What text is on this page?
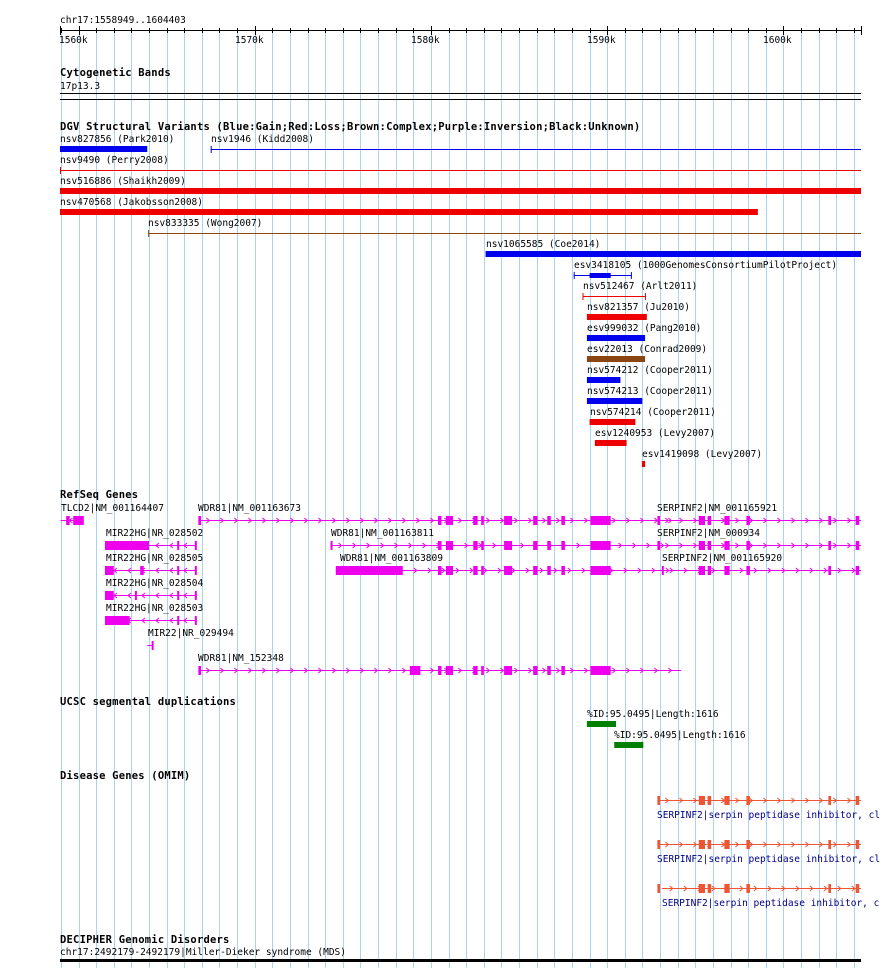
chr17:1558949..1604403
Cytogenetic Bands
17p13.3
DGV Structural Variants (Blue:Gain;Red:Loss;Brown:Complex;Purple:Inversion;Black:Unknown)
RefSeq Genes
UCSC segmental duplications
Disease Genes (OMIM)
DECIPHER Genomic Disorders
chr17:2492179-2492179|Miller-Dieker syndrome (MDS)
1560k	1570k	1580k	1590k	1600k
nsv827856 (Park2010)	nsv1946 (Kidd2008)
nsv9490 (Perry2008)
nsv516886 (Shaikh2009)
nsv470568 (Jakobsson2008)
nsv833335 (Wong2007)
nsv1065585 (Coe2014)
esv3418105 (1000GenomesConsortiumPilotProject)
nsv512467 (Arlt2011)
nsv821357 (Ju2010)
esv999032 (Pang2010)
esv22013 (Conrad2009)
nsv574212 (Cooper2011)
nsv574213 (Cooper2011)
nsv574214 (Cooper2011)
esv1240953 (Levy2007)
esv1419098 (Levy2007)
TLCD2|NM_001164407	WDR81|NM_001163673	SERPINF2|NM_001165921
MIR22HG|NR_028502	WDR81|NM_001163811	SERPINF2|NM_000934
MIR22HG|NR_028505	WDR81|NM_001163809	SERPINF2|NM_001165920
MIR22HG|NR_028504
MIR22HG|NR_028503
MIR22|NR_029494
WDR81|NM_152348
%ID:95.0495|Length:1616
%ID:95.0495|Length:1616
SERPINF2|serpin peptidase inhibitor, cl
SERPINF2|serpin peptidase inhibitor, cl
SERPINF2|serpin peptidase inhibitor, c
